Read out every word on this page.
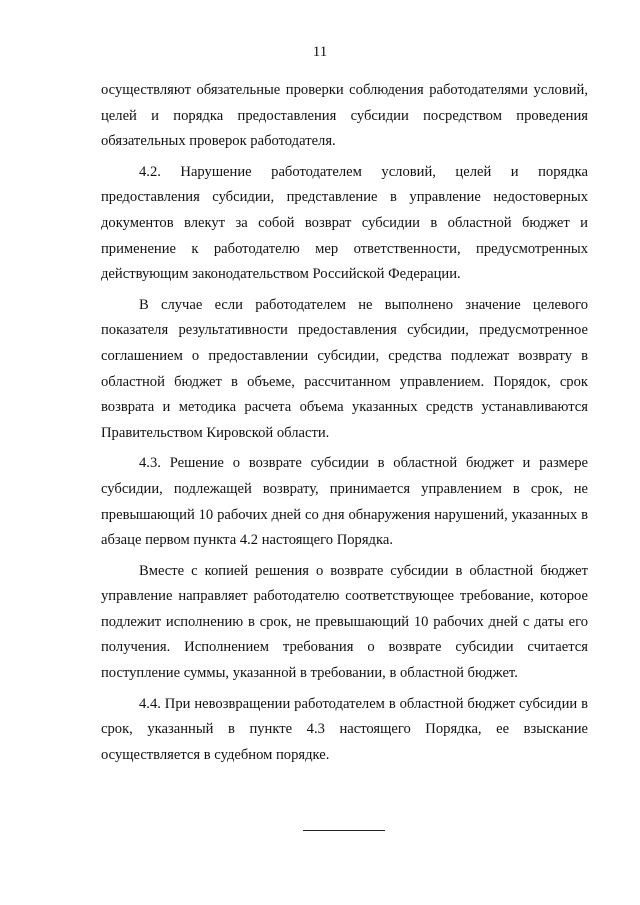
11

осуществляют обязательные проверки соблюдения работодателями условий, целей и порядка предоставления субсидии посредством проведения обязательных проверок работодателя.

4.2. Нарушение работодателем условий, целей и порядка предоставления субсидии, представление в управление недостоверных документов влекут за собой возврат субсидии в областной бюджет и применение к работодателю мер ответственности, предусмотренных действующим законодательством Российской Федерации.

В случае если работодателем не выполнено значение целевого показателя результативности предоставления субсидии, предусмотренное соглашением о предоставлении субсидии, средства подлежат возврату в областной бюджет в объеме, рассчитанном управлением. Порядок, срок возврата и методика расчета объема указанных средств устанавливаются Правительством Кировской области.

4.3. Решение о возврате субсидии в областной бюджет и размере субсидии, подлежащей возврату, принимается управлением в срок, не превышающий 10 рабочих дней со дня обнаружения нарушений, указанных в абзаце первом пункта 4.2 настоящего Порядка.

Вместе с копией решения о возврате субсидии в областной бюджет управление направляет работодателю соответствующее требование, которое подлежит исполнению в срок, не превышающий 10 рабочих дней с даты его получения. Исполнением требования о возврате субсидии считается поступление суммы, указанной в требовании, в областной бюджет.

4.4. При невозвращении работодателем в областной бюджет субсидии в срок, указанный в пункте 4.3 настоящего Порядка, ее взыскание осуществляется в судебном порядке.
